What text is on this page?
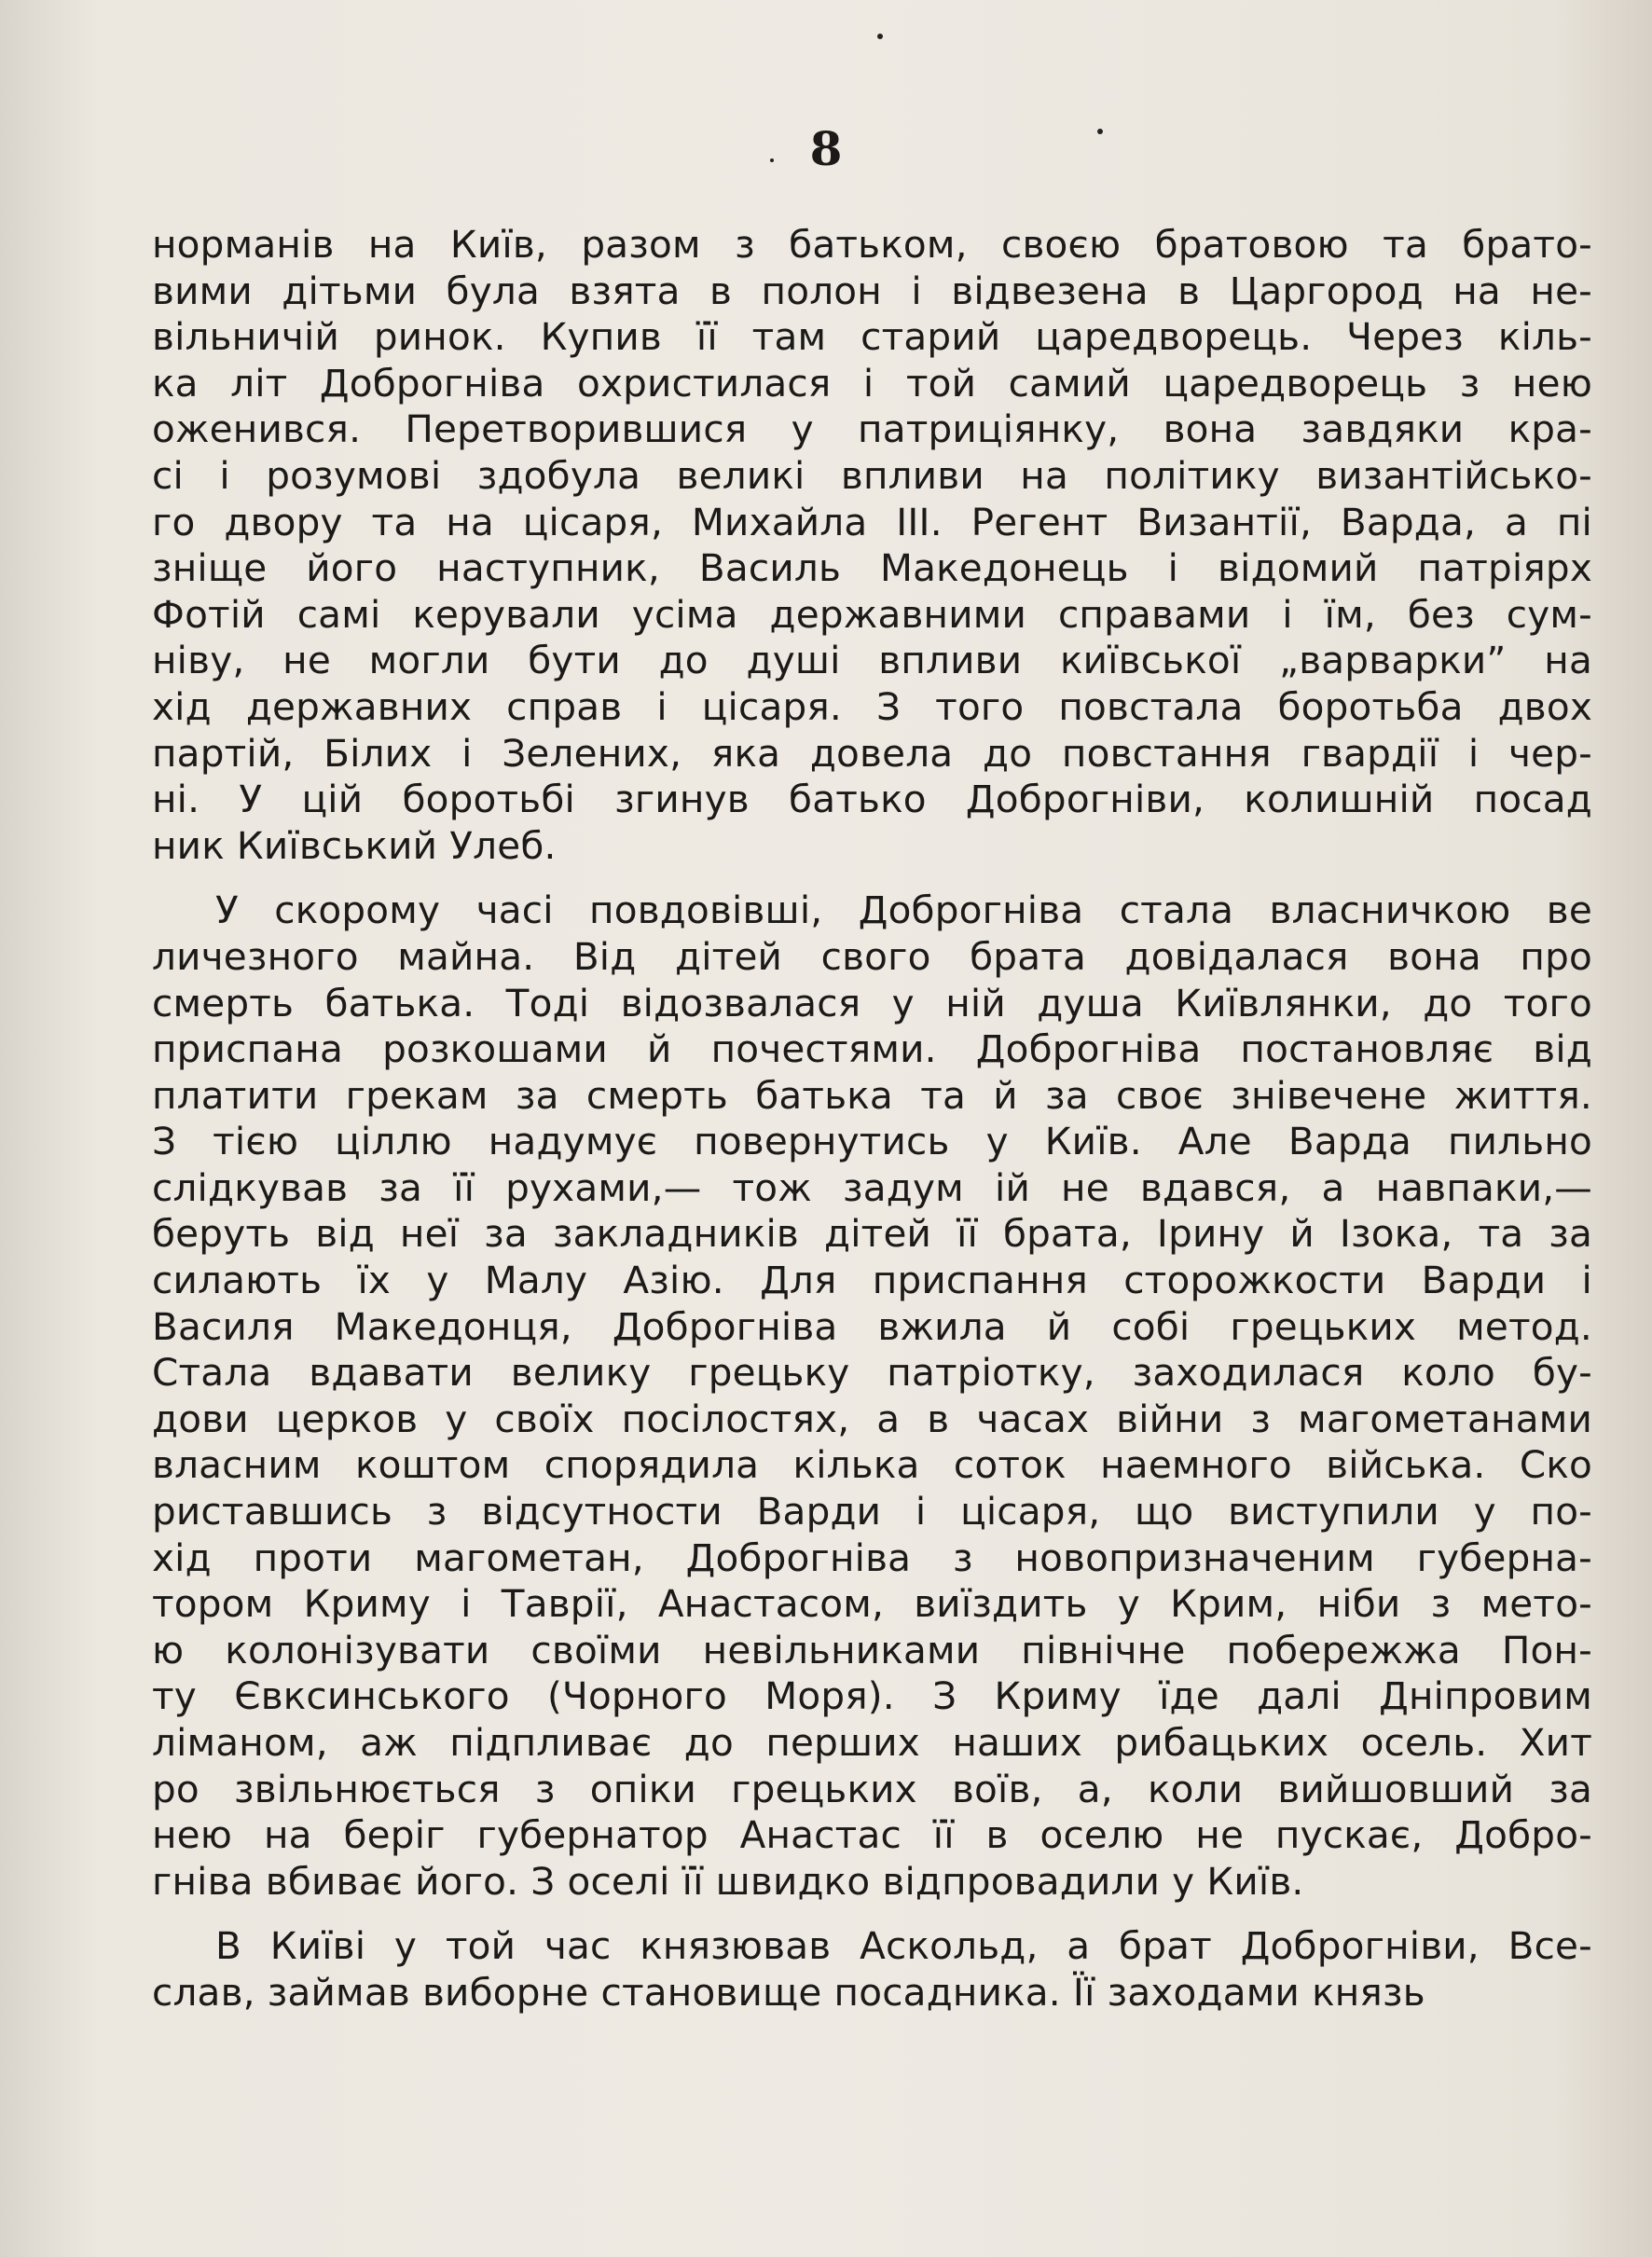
8
норманів на Київ, разом з батьком, своєю братовою та брато-
вими дітьми була взята в полон і відвезена в Царгород на не-
вільничій ринок. Купив її там старий царедворець. Через кіль-
ка літ Доброгніва охристилася і той самий царедворець з нею
оженився. Перетворившися у патриціянку, вона завдяки кра-
сі і розумові здобула великі впливи на політику византійсько-
го двору та на цісаря, Михайла III. Регент Византії, Варда, а пі
зніще його наступник, Василь Македонець і відомий патріярх
Фотій самі керували усіма державними справами і їм, без сум-
ніву, не могли бути до душі впливи київської „варварки” на
хід державних справ і цісаря. З того повстала боротьба двох
партій, Білих і Зелених, яка довела до повстання гвардії і чер-
ні. У цій боротьбі згинув батько Доброгніви, колишній посад
ник Київський Улеб.
У скорому часі повдовівші, Доброгніва стала власничкою ве
личезного майна. Від дітей свого брата довідалася вона про
смерть батька. Тоді відозвалася у ній душа Київлянки, до того
приспана розкошами й почестями. Доброгніва постановляє від
платити грекам за смерть батька та й за своє знівечене життя.
З тією ціллю надумує повернутись у Київ. Але Варда пильно
слідкував за її рухами,— тож задум ій не вдався, а навпаки,—
беруть від неї за закладників дітей її брата, Ірину й Ізока, та за
силають їх у Малу Азію. Для приспання сторожкости Варди і
Василя Македонця, Доброгніва вжила й собі грецьких метод.
Стала вдавати велику грецьку патріотку, заходилася коло бу-
дови церков у своїх посілостях, а в часах війни з магометанами
власним коштом спорядила кілька соток наемного війська. Ско
риставшись з відсутности Варди і цісаря, що виступили у по-
хід проти магометан, Доброгніва з новопризначеним губерна-
тором Криму і Таврії, Анастасом, виїздить у Крим, ніби з мето-
ю колонізувати своїми невільниками північне побережжа Пон-
ту Євксинського (Чорного Моря). З Криму їде далі Дніпровим
ліманом, аж підпливає до перших наших рибацьких осель. Хит
ро звільнюється з опіки грецьких воїв, а, коли вийшовший за
нею на беріг губернатор Анастас її в оселю не пускає, Добро-
гніва вбиває його. З оселі її швидко відпровадили у Київ.
В Київі у той час князював Аскольд, а брат Доброгніви, Все-
слав, займав виборне становище посадника. Її заходами князь
